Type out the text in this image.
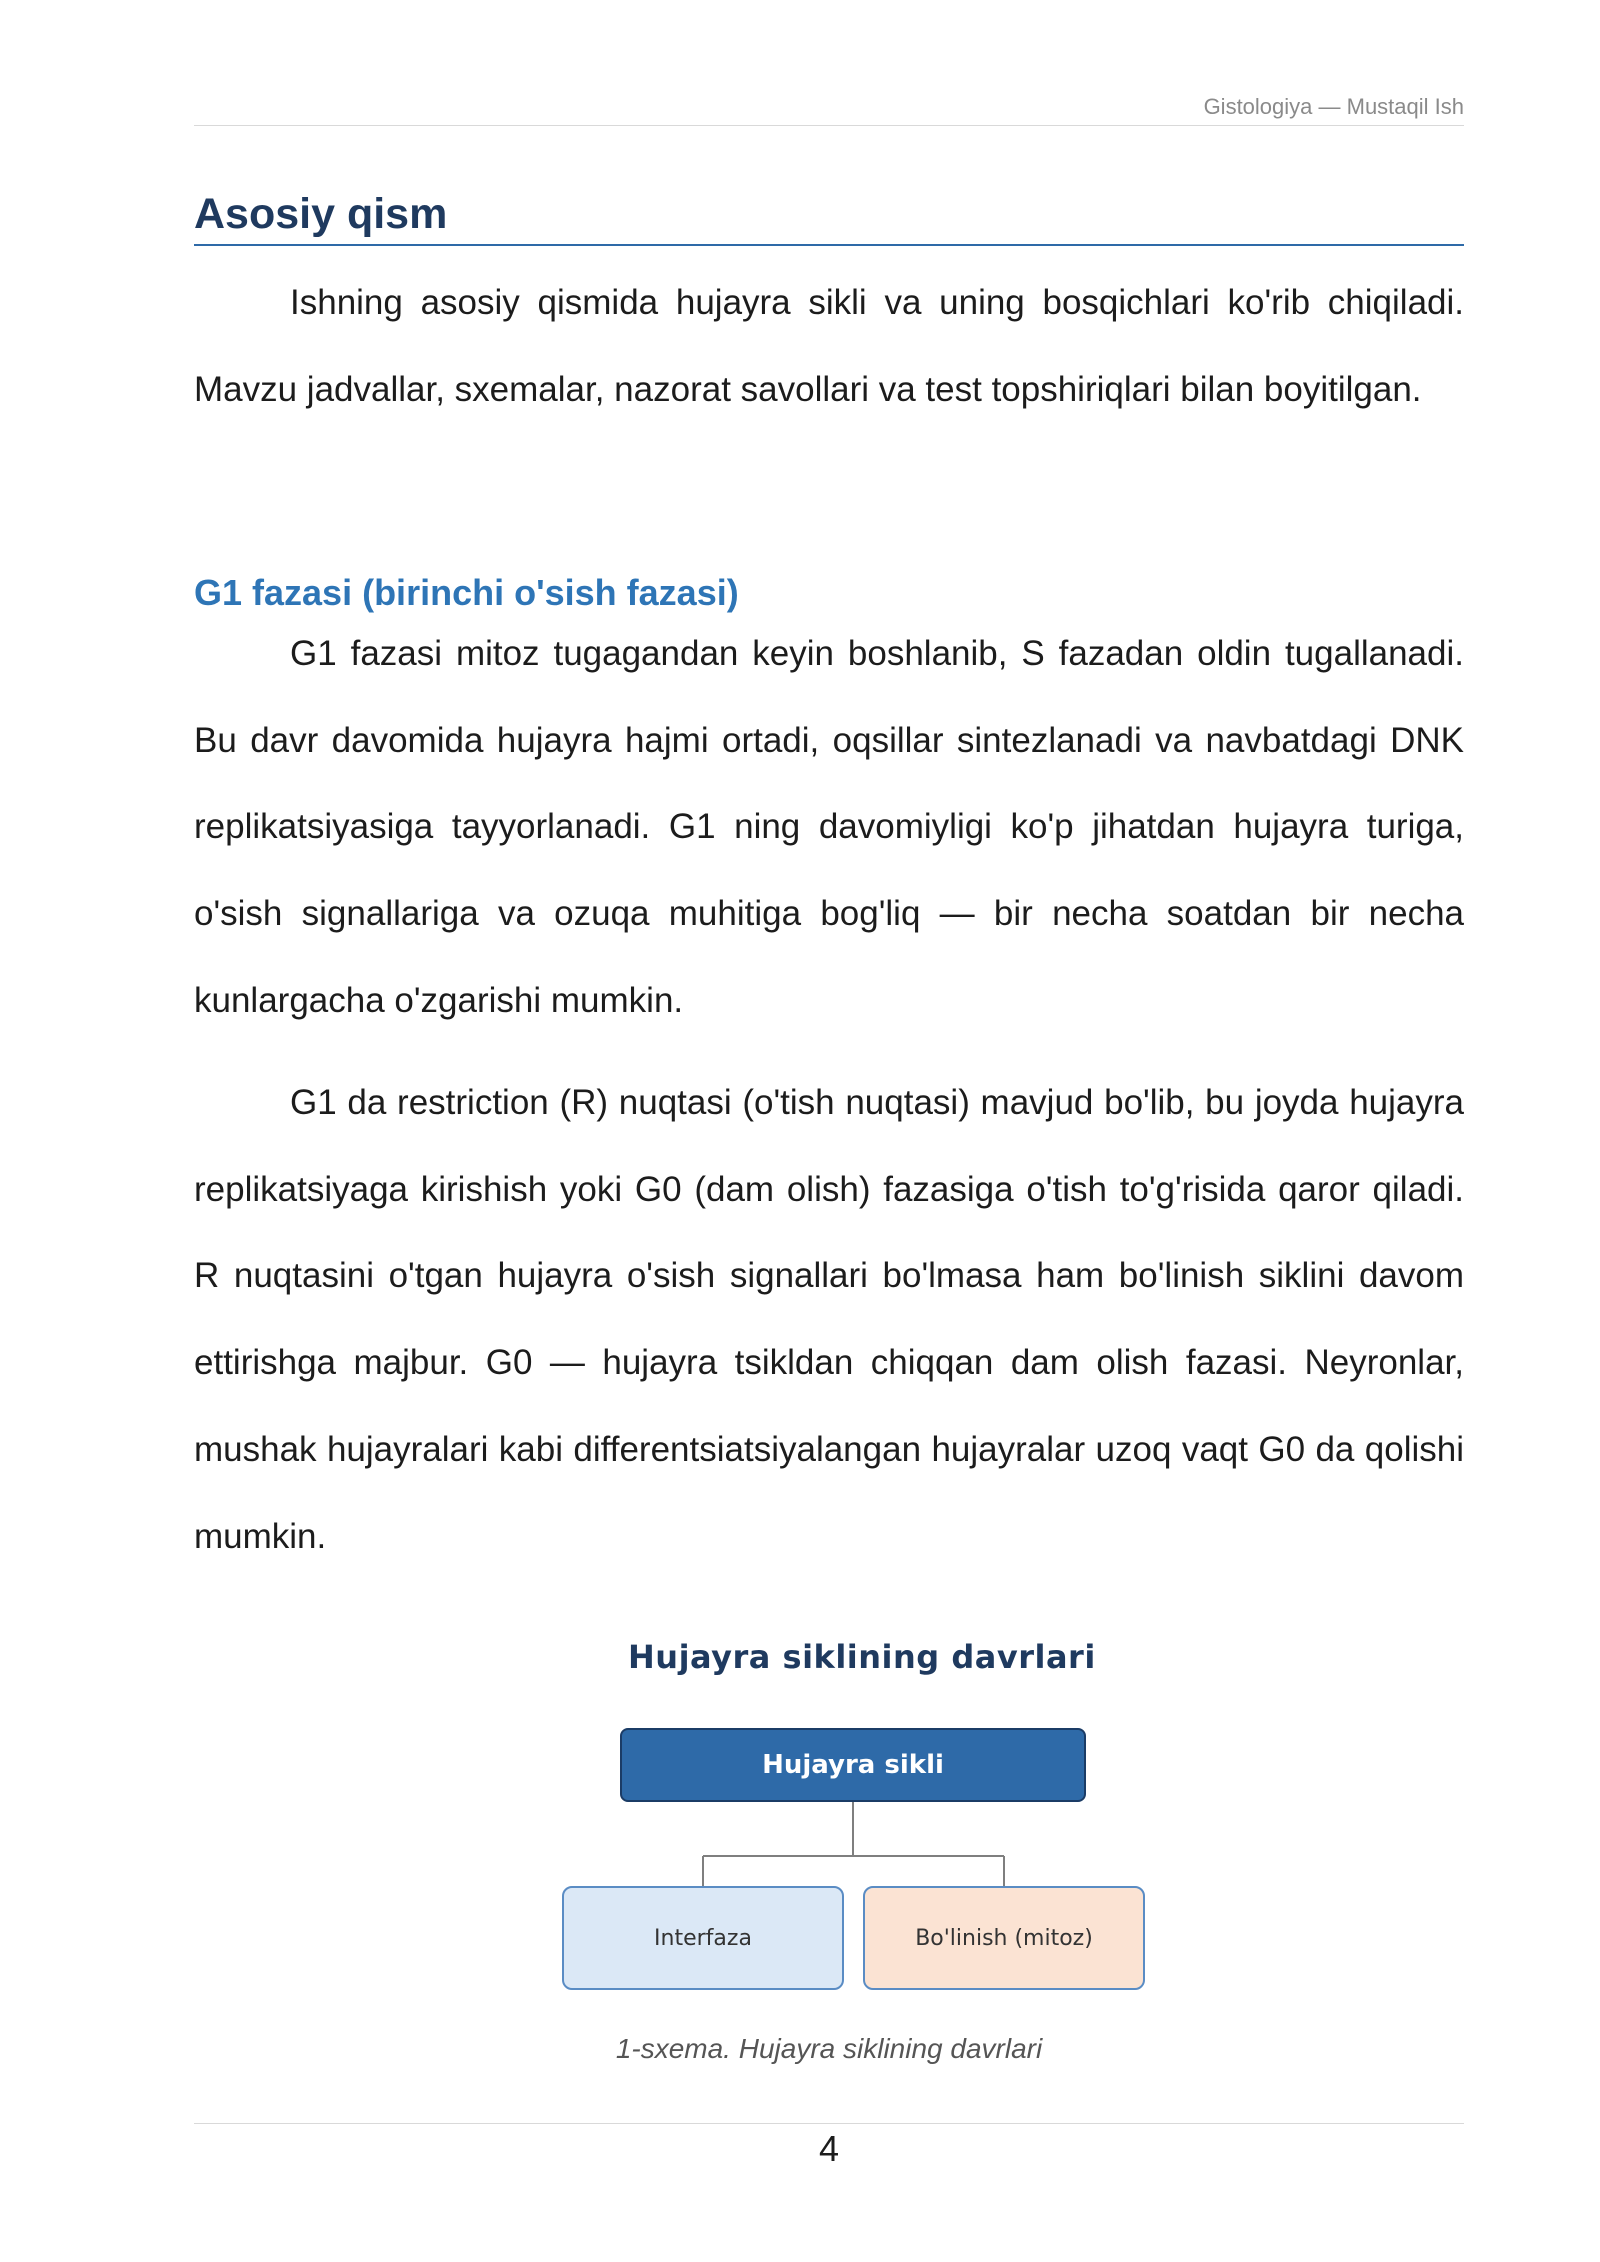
Gistologiya — Mustaqil Ish
Asosiy qism

Ishning asosiy qismida hujayra sikli va uning bosqichlari ko'rib chiqiladi. Mavzu jadvallar, sxemalar, nazorat savollari va test topshiriqlari bilan boyitilgan.

G1 fazasi (birinchi o'sish fazasi)

G1 fazasi mitoz tugagandan keyin boshlanib, S fazadan oldin tugallanadi. Bu davr davomida hujayra hajmi ortadi, oqsillar sintezlanadi va navbatdagi DNK replikatsiyasiga tayyorlanadi. G1 ning davomiyligi ko'p jihatdan hujayra turiga, o'sish signallariga va ozuqa muhitiga bog'liq — bir necha soatdan bir necha kunlargacha o'zgarishi mumkin.

G1 da restriction (R) nuqtasi (o'tish nuqtasi) mavjud bo'lib, bu joyda hujayra replikatsiyaga kirishish yoki G0 (dam olish) fazasiga o'tish to'g'risida qaror qiladi. R nuqtasini o'tgan hujayra o'sish signallari bo'lmasa ham bo'linish siklini davom ettirishga majbur. G0 — hujayra tsikldan chiqqan dam olish fazasi. Neyronlar, mushak hujayralari kabi differentsiatsiyalangan hujayralar uzoq vaqt G0 da qolishi mumkin.

Hujayra siklining davrlari
Hujayra sikli
Interfaza	Bo'linish (mitoz)

1-sxema. Hujayra siklining davrlari

4
